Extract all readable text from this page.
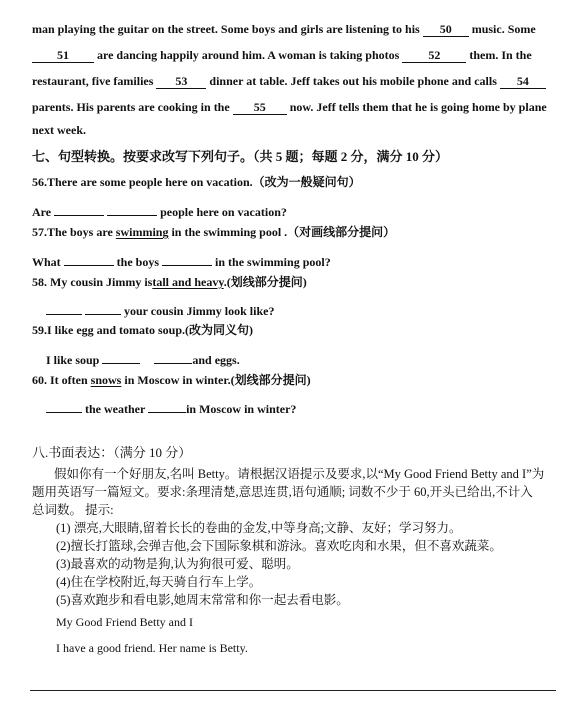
man playing the guitar on the street. Some boys and girls are listening to his 50 music. Some
51 are dancing happily around him. A woman is taking photos 52 them. In the
restaurant, five families 53 dinner at table. Jeff takes out his mobile phone and calls 54
parents. His parents are cooking in the 55 now. Jeff tells them that he is going home by plane
next week.
七、句型转换。按要求改写下列句子。（共 5 题；每题 2 分，满分 10 分）
56.There are some people here on vacation.（改为一般疑问句）
Are	people here on vacation?
57.The boys are swimming in the swimming pool .（对画线部分提问）
What	the boys	in the swimming pool?
58. My cousin Jimmy istall and heavy.(划线部分提问)
your cousin Jimmy look like?
59.I like egg and tomato soup.(改为同义句)
I like soup	and eggs.
60. It often snows in Moscow in winter.(划线部分提问)
the weather	in Moscow in winter?
八.书面表达：（满分 10 分）
假如你有一个好朋友,名叫 Betty。请根据汉语提示及要求,以“My Good Friend Betty and I”为
题用英语写一篇短文。要求:条理清楚,意思连贯,语句通顺; 词数不少于 60,开头已给出,不计入
总词数。 提示:
(1) 漂亮,大眼睛,留着长长的卷曲的金发,中等身高;文静、友好；学习努力。
(2)擅长打篮球,会弹吉他,会下国际象棋和游泳。喜欢吃肉和水果，但不喜欢蔬菜。
(3)最喜欢的动物是狗,认为狗很可爱、聪明。
(4)住在学校附近,每天骑自行车上学。
(5)喜欢跑步和看电影,她周末常常和你一起去看电影。
My Good Friend Betty and I
I have a good friend. Her name is Betty.
